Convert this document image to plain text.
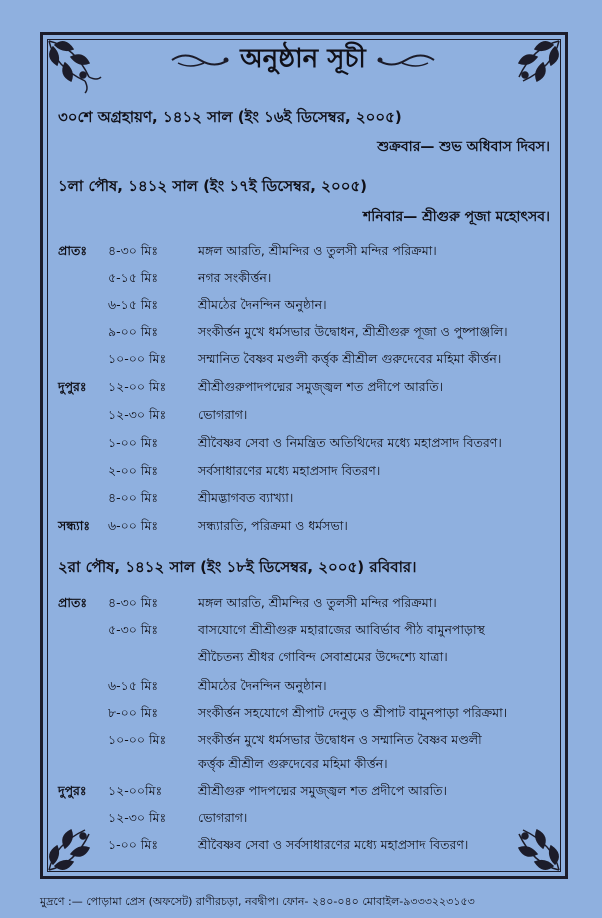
অনুষ্ঠান সূচী
৩০শে অগ্রহায়ণ, ১৪১২ সাল (ইং ১৬ই ডিসেম্বর, ২০০৫)
শুক্রবার— শুভ অধিবাস দিবস।
১লা পৌষ, ১৪১২ সাল (ইং ১৭ই ডিসেম্বর, ২০০৫)
শনিবার— শ্রীগুরু পূজা মহোৎসব।
প্রাতঃ	৪-৩০ মিঃ	মঙ্গল আরতি, শ্রীমন্দির ও তুলসী মন্দির পরিক্রমা।
৫-১৫ মিঃ	নগর সংকীর্ত্তন।
৬-১৫ মিঃ	শ্রীমঠের দৈনন্দিন অনুষ্ঠান।
৯-০০ মিঃ	সংকীর্ত্তন মুখে ধর্মসভার উদ্বোধন, শ্রীশ্রীগুরু পূজা ও পুষ্পাঞ্জলি।
১০-০০ মিঃ	সম্মানিত বৈষ্ণব মণ্ডলী কর্ত্তৃক শ্রীশ্রীল গুরুদেবের মহিমা কীর্ত্তন।
দুপুরঃ	১২-০০ মিঃ	শ্রীশ্রীগুরুপাদপদ্মের সমুজ্জ্বল শত প্রদীপে আরতি।
১২-৩০ মিঃ	ভোগরাগ।
১-০০ মিঃ	শ্রীবৈষ্ণব সেবা ও নিমন্ত্রিত অতিথিদের মধ্যে মহাপ্রসাদ বিতরণ।
২-০০ মিঃ	সর্বসাধারণের মধ্যে মহাপ্রসাদ বিতরণ।
৪-০০ মিঃ	শ্রীমদ্ভাগবত ব্যাখ্যা।
সন্ধ্যাঃ	৬-০০ মিঃ	সন্ধ্যারতি, পরিক্রমা ও ধর্মসভা।
২রা পৌষ, ১৪১২ সাল (ইং ১৮ই ডিসেম্বর, ২০০৫) রবিবার।
প্রাতঃ	৪-৩০ মিঃ	মঙ্গল আরতি, শ্রীমন্দির ও তুলসী মন্দির পরিক্রমা।
৫-৩০ মিঃ	বাসযোগে শ্রীশ্রীগুরু মহারাজের আবির্ভাব পীঠ বামুনপাড়াস্থ
শ্রীচৈতন্য শ্রীধর গোবিন্দ সেবাশ্রমের উদ্দেশ্যে যাত্রা।
৬-১৫ মিঃ	শ্রীমঠের দৈনন্দিন অনুষ্ঠান।
৮-০০ মিঃ	সংকীর্ত্তন সহযোগে শ্রীপাট দেনুড় ও শ্রীপাট বামুনপাড়া পরিক্রমা।
১০-০০ মিঃ	সংকীর্ত্তন মুখে ধর্মসভার উদ্বোধন ও সম্মানিত বৈষ্ণব মণ্ডলী
কর্ত্তৃক শ্রীশ্রীল গুরুদেবের মহিমা কীর্ত্তন।
দুপুরঃ	১২-০০মিঃ	শ্রীশ্রীগুরু পাদপদ্মের সমুজ্জ্বল শত প্রদীপে আরতি।
১২-৩০ মিঃ	ভোগরাগ।
১-০০ মিঃ	শ্রীবৈষ্ণব সেবা ও সর্বসাধারণের মধ্যে মহাপ্রসাদ বিতরণ।
মুদ্রণে :— পোড়ামা প্রেস (অফসেট) রাণীরচড়া, নবদ্বীপ। ফোন- ২৪০-০৪০ মোবাইল-৯৩৩৩২২৩১৫৩
